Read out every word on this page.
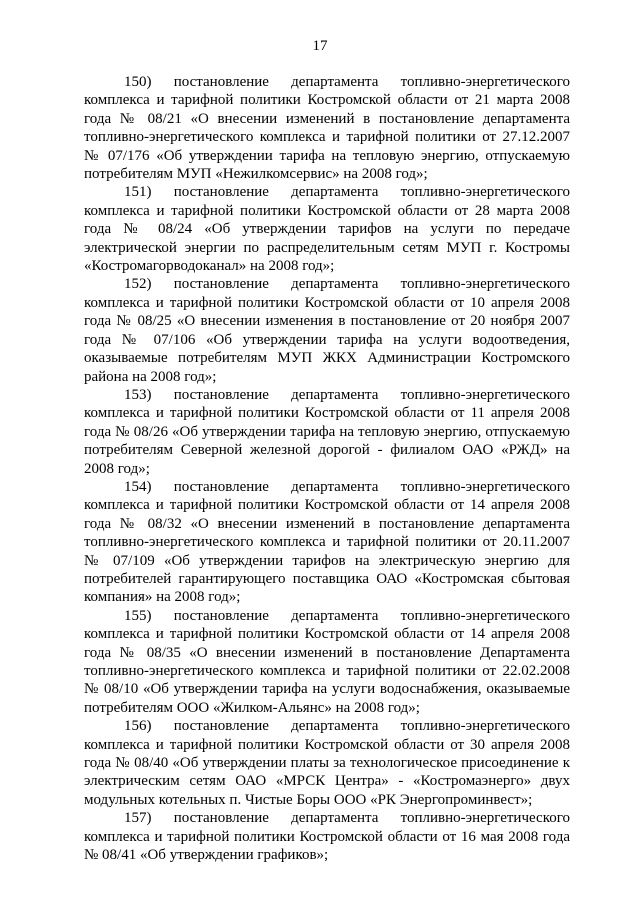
17

150) постановление департамента топливно-энергетического комплекса и тарифной политики Костромской области от 21 марта 2008 года № 08/21 «О внесении изменений в постановление департамента топливно-энергетического комплекса и тарифной политики от 27.12.2007 № 07/176 «Об утверждении тарифа на тепловую энергию, отпускаемую потребителям МУП «Нежилкомсервис» на 2008 год»;

151) постановление департамента топливно-энергетического комплекса и тарифной политики Костромской области от 28 марта 2008 года № 08/24 «Об утверждении тарифов на услуги по передаче электрической энергии по распределительным сетям МУП г. Костромы «Костромагорводоканал» на 2008 год»;

152) постановление департамента топливно-энергетического комплекса и тарифной политики Костромской области от 10 апреля 2008 года № 08/25 «О внесении изменения в постановление от 20 ноября 2007 года № 07/106 «Об утверждении тарифа на услуги водоотведения, оказываемые потребителям МУП ЖКХ Администрации Костромского района на 2008 год»;

153) постановление департамента топливно-энергетического комплекса и тарифной политики Костромской области от 11 апреля 2008 года № 08/26 «Об утверждении тарифа на тепловую энергию, отпускаемую потребителям Северной железной дорогой - филиалом ОАО «РЖД» на 2008 год»;

154) постановление департамента топливно-энергетического комплекса и тарифной политики Костромской области от 14 апреля 2008 года № 08/32 «О внесении изменений в постановление департамента топливно-энергетического комплекса и тарифной политики от 20.11.2007 № 07/109 «Об утверждении тарифов на электрическую энергию для потребителей гарантирующего поставщика ОАО «Костромская сбытовая компания» на 2008 год»;

155) постановление департамента топливно-энергетического комплекса и тарифной политики Костромской области от 14 апреля 2008 года № 08/35 «О внесении изменений в постановление Департамента топливно-энергетического комплекса и тарифной политики от 22.02.2008 № 08/10 «Об утверждении тарифа на услуги водоснабжения, оказываемые потребителям ООО «Жилком-Альянс» на 2008 год»;

156) постановление департамента топливно-энергетического комплекса и тарифной политики Костромской области от 30 апреля 2008 года № 08/40 «Об утверждении платы за технологическое присоединение к электрическим сетям ОАО «МРСК Центра» - «Костромаэнерго» двух модульных котельных п. Чистые Боры ООО «РК Энергопроминвест»;

157) постановление департамента топливно-энергетического комплекса и тарифной политики Костромской области от 16 мая 2008 года № 08/41 «Об утверждении графиков»;
